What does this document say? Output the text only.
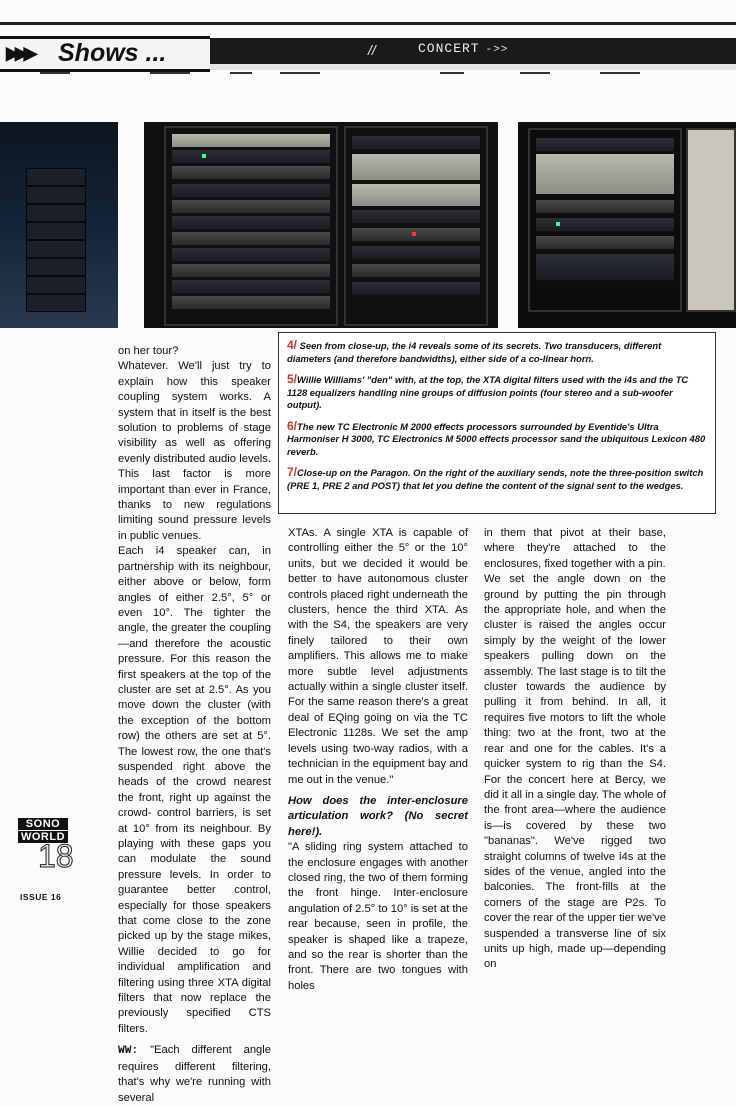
▶▶▶ Shows ...	//	CONCERT ->>

4/ Seen from close-up, the i4 reveals some of its secrets. Two transducers, different diameters (and therefore bandwidths), either side of a co-linear horn.

5/Willie Williams' "den" with, at the top, the XTA digital filters used with the i4s and the TC 1128 equalizers handling nine groups of diffusion points (four stereo and a sub-woofer output).

6/The new TC Electronic M 2000 effects processors surrounded by Eventide's Ultra Harmoniser H 3000, TC Electronics M 5000 effects processor sand the ubiquitous Lexicon 480 reverb.

7/Close-up on the Paragon. On the right of the auxiliary sends, note the three-position switch (PRE 1, PRE 2 and POST) that let you define the content of the signal sent to the wedges.

on her tour?

Whatever. We'll just try to explain how this speaker coupling system works. A system that in itself is the best solution to problems of stage visibility as well as offering evenly distributed audio levels. This last factor is more important than ever in France, thanks to new regulations limiting sound pressure levels in public venues.

Each i4 speaker can, in partnership with its neighbour, either above or below, form angles of either 2.5°, 5° or even 10°. The tighter the angle, the greater the coupling—and therefore the acoustic pressure. For this reason the first speakers at the top of the cluster are set at 2.5°. As you move down the cluster (with the exception of the bottom row) the others are set at 5°. The lowest row, the one that's suspended right above the heads of the crowd nearest the front, right up against the crowd- control barriers, is set at 10° from its neighbour. By playing with these gaps you can modulate the sound pressure levels. In order to guarantee better control, especially for those speakers that come close to the zone picked up by the stage mikes, Willie decided to go for individual amplification and filtering using three XTA digital filters that now replace the previously specified CTS filters.

WW: "Each different angle requires different filtering, that's why we're running with several

XTAs. A single XTA is capable of controlling either the 5° or the 10° units, but we decided it would be better to have autonomous cluster controls placed right underneath the clusters, hence the third XTA. As with the S4, the speakers are very finely tailored to their own amplifiers. This allows me to make more subtle level adjustments actually within a single cluster itself. For the same reason there's a great deal of EQing going on via the TC Electronic 1128s. We set the amp levels using two-way radios, with a technician in the equipment bay and me out in the venue."

How does the inter-enclosure articulation work? (No secret here!).

"A sliding ring system attached to the enclosure engages with another closed ring, the two of them forming the front hinge. Inter-enclosure angulation of 2.5° to 10° is set at the rear because, seen in profile, the speaker is shaped like a trapeze, and so the rear is shorter than the front. There are two tongues with holes

in them that pivot at their base, where they're attached to the enclosures, fixed together with a pin.

We set the angle down on the ground by putting the pin through the appropriate hole, and when the cluster is raised the angles occur simply by the weight of the lower speakers pulling down on the assembly. The last stage is to tilt the cluster towards the audience by pulling it from behind. In all, it requires five motors to lift the whole thing: two at the front, two at the rear and one for the cables. It's a quicker system to rig than the S4. For the concert here at Bercy, we did it all in a single day. The whole of the front area—where the audience is—is covered by these two "bananas". We've rigged two straight columns of twelve i4s at the sides of the venue, angled into the balconies. The front-fills at the corners of the stage are P2s. To cover the rear of the upper tier we've suspended a transverse line of six units up high, made up—depending on

SONO
WORLD
18
ISSUE 16
